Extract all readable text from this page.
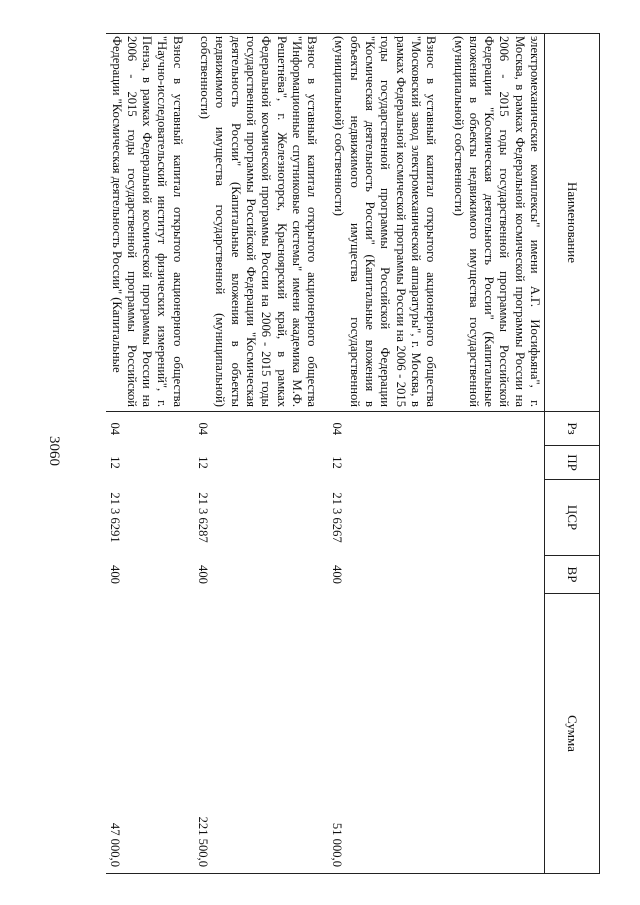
3060
Наименование	Рз	ПР	ЦСР	ВР	Сумма
электромеханические комплексы" имени А.Г. Иосифьяна", г. Москва, в рамках Федеральной космической программы России на 2006 - 2015 годы государственной программы Российской Федерации "Космическая деятельность России" (Капитальные вложения в объекты недвижимого имущества государственной (муниципальной) собственности)					

Взнос в уставный капитал открытого акционерного общества "Московский завод электромеханической аппаратуры", г. Москва, в рамках Федеральной космической программы России на 2006 - 2015 годы государственной программы Российской Федерации "Космическая деятельность России" (Капитальные вложения в объекты недвижимого имущества государственной (муниципальной) собственности)	04	12	21 3 6267	400	51 000,0

Взнос в уставный капитал открытого акционерного общества "Информационные спутниковые системы" имени академика М.Ф. Решетнёва", г. Железногорск, Красноярский край, в рамках Федеральной космической программы России на 2006 - 2015 годы государственной программы Российской Федерации "Космическая деятельность России" (Капитальные вложения в объекты недвижимого имущества государственной (муниципальной) собственности)	04	12	21 3 6287	400	221 500,0

Взнос в уставный капитал открытого акционерного общества "Научно-исследовательский институт физических измерений", г. Пенза, в рамках Федеральной космической программы России на 2006 - 2015 годы государственной программы Российской Федерации "Космическая деятельность России" (Капитальные	04	12	21 3 6291	400	47 000,0
